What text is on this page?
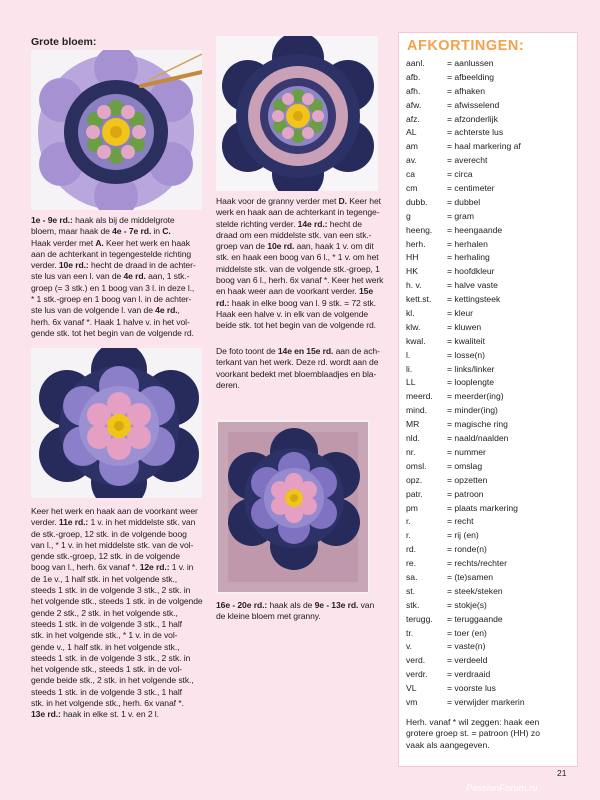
Grote bloem:
1e - 9e rd.: haak als bij de middelgrote
bloem, maar haak de 4e - 7e rd. in C.
Haak verder met A. Keer het werk en haak
aan de achterkant in tegengestelde richting
verder. 10e rd.: hecht de draad in de achter-
ste lus van een l. van de 4e rd. aan, 1 stk.-
groep (= 3 stk.) en 1 boog van 3 l. in deze l.,
* 1 stk.-groep en 1 boog van l. in de achter-
ste lus van de volgende l. van de 4e rd.,
herh. 6x vanaf *. Haak 1 halve v. in het vol-
gende stk. tot het begin van de volgende rd.
Keer het werk en haak aan de voorkant weer
verder. 11e rd.: 1 v. in het middelste stk. van
de stk.-groep, 12 stk. in de volgende boog
van l., * 1 v. in het middelste stk. van de vol-
gende stk.-groep, 12 stk. in de volgende
boog van l., herh. 6x vanaf *. 12e rd.: 1 v. in
de 1e v., 1 half stk. in het volgende stk.,
steeds 1 stk. in de volgende 3 stk., 2 stk. in
het volgende stk., steeds 1 stk. in de volgende
gende 2 stk., 2 stk. in het volgende stk.,
steeds 1 stk. in de volgende 3 stk., 1 half
stk. in het volgende stk., * 1 v. in de vol-
gende v., 1 half stk. in het volgende stk.,
steeds 1 stk. in de volgende 3 stk., 2 stk. in
het volgende stk., steeds 1 stk. in de vol-
gende beide stk., 2 stk. in het volgende stk.,
steeds 1 stk. in de volgende 3 stk., 1 half
stk. in het volgende stk., herh. 6x vanaf *.
13e rd.: haak in elke st. 1 v. en 2 l.
Haak voor de granny verder met D. Keer het
werk en haak aan de achterkant in tegenge-
stelde richting verder. 14e rd.: hecht de
draad om een middelste stk. van een stk.-
groep van de 10e rd. aan, haak 1 v. om dit
stk. en haak een boog van 6 l., * 1 v. om het
middelste stk. van de volgende stk.-groep, 1
boog van 6 l., herh. 6x vanaf *. Keer het werk
en haak weer aan de voorkant verder. 15e
rd.: haak in elke boog van l. 9 stk. = 72 stk.
Haak een halve v. in elk van de volgende
beide stk. tot het begin van de volgende rd.
De foto toont de 14e en 15e rd. aan de ach-
terkant van het werk. Deze rd. wordt aan de
voorkant bedekt met bloemblaadjes en bla-
deren.
16e - 20e rd.: haak als de 9e - 13e rd. van
de kleine bloem met granny.
AFKORTINGEN:
aanl.	= aanlussen
afb.	= afbeelding
afh.	= afhaken
afw.	= afwisselend
afz.	= afzonderlijk
AL	= achterste lus
am	= haal markering af
av.	= averecht
ca	= circa
cm	= centimeter
dubb. = dubbel
g	= gram
heeng. = heengaande
herh. = herhalen
HH	= herhaling
HK	= hoofdkleur
h. v.	= halve vaste
kett.st. = kettingsteek
kl.	= kleur
klw.	= kluwen
kwal. = kwaliteit
l.	= losse(n)
li.	= links/linker
LL	= looplengte
meerd. = meerder(ing)
mind. = minder(ing)
MR	= magische ring
nld.	= naald/naalden
nr.	= nummer
omsl. = omslag
opz.	= opzetten
patr.	= patroon
pm	= plaats markering
r.	= recht
r.	= rij (en)
rd.	= ronde(n)
re.	= rechts/rechter
sa.	= (te)samen
st.	= steek/steken
stk.	= stokje(s)
terugg. = teruggaande
tr.	= toer (en)
v.	= vaste(n)
verd.	= verdeeld
verdr. = verdraaid
VL	= voorste lus
vm	= verwijder markerin
Herh. vanaf * wil zeggen: haak een
grotere groep st. = patroon (HH) zo
vaak als aangegeven.
21
PassionForum.ru
